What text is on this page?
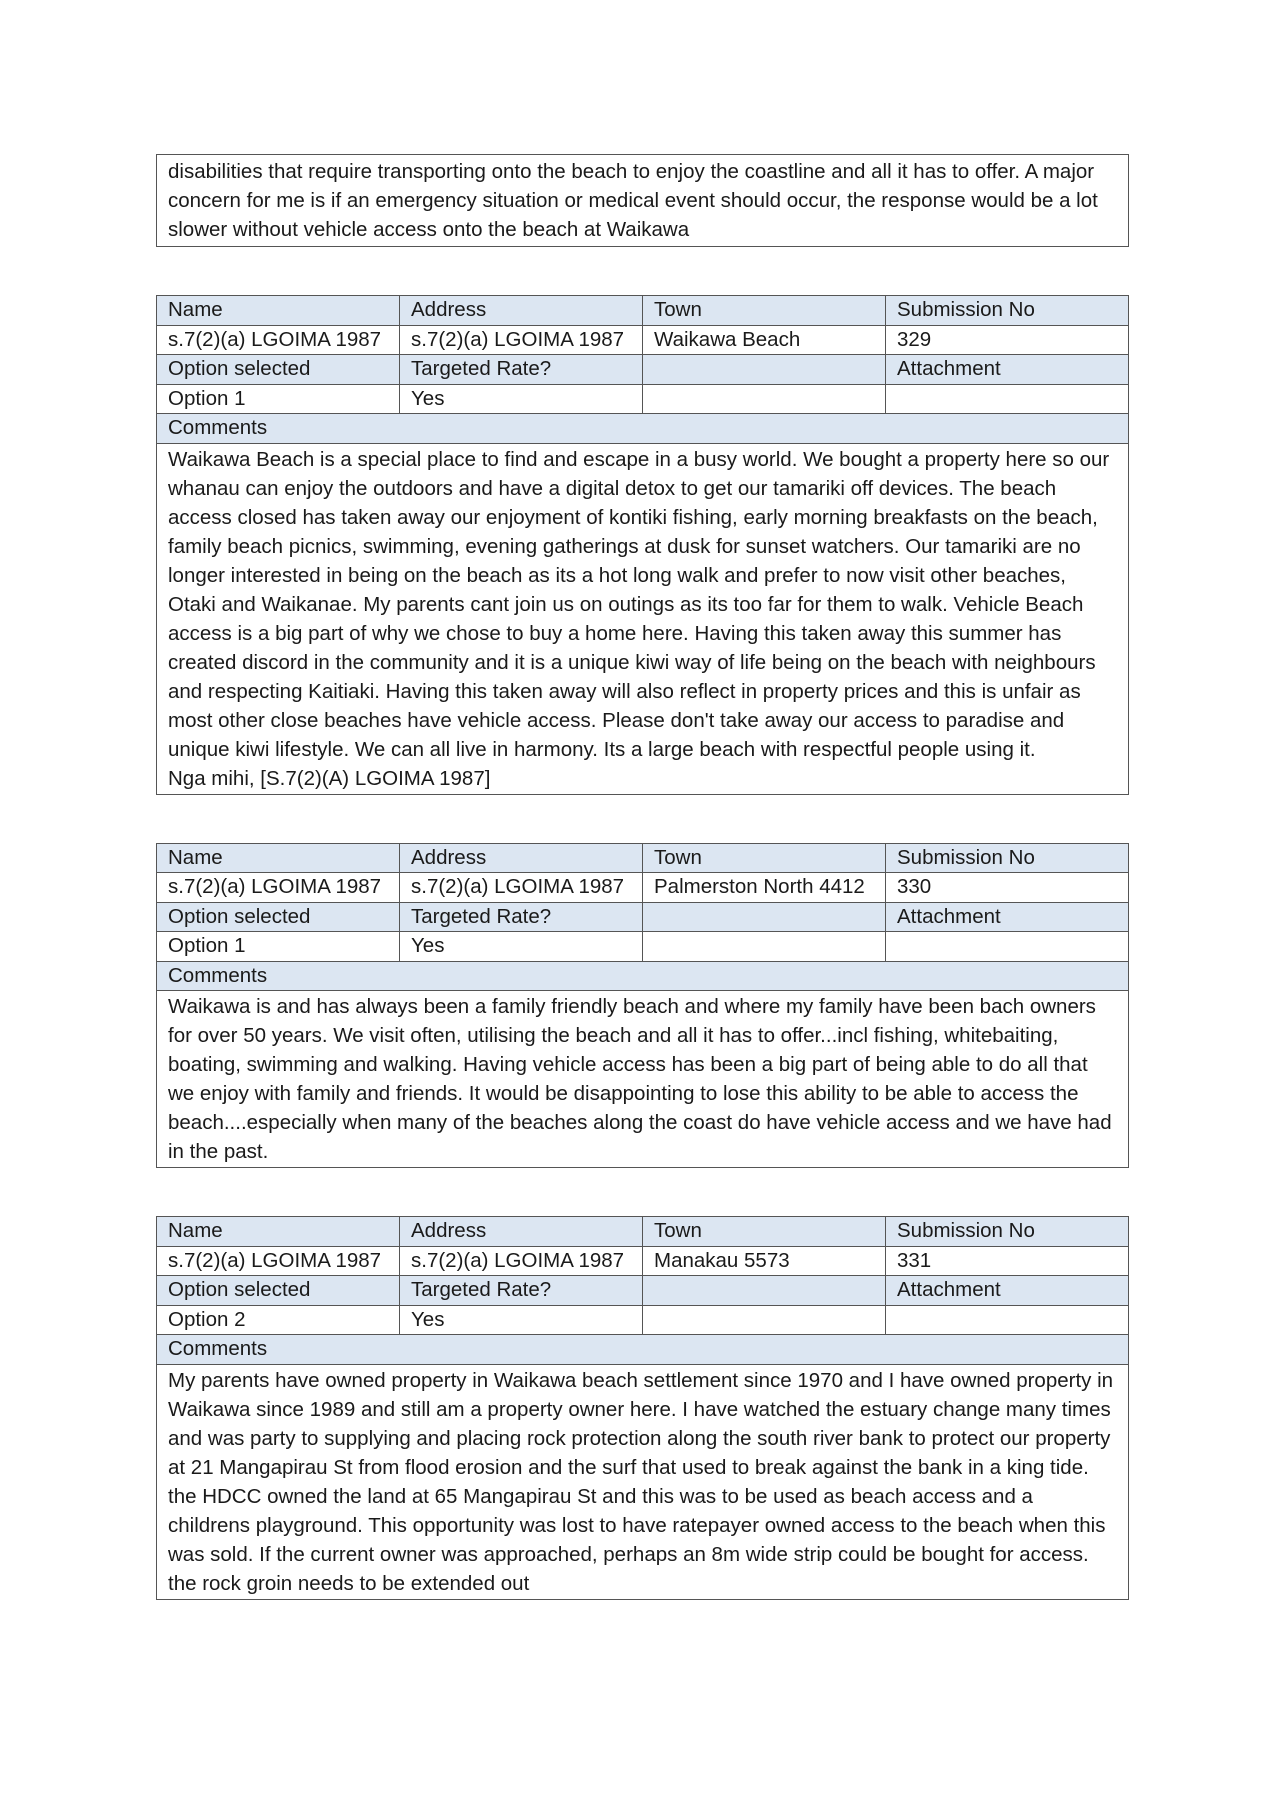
disabilities that require transporting onto the beach to enjoy the coastline and all it has to offer. A major concern for me is if an emergency situation or medical event should occur, the response would be a lot slower without vehicle access onto the beach at Waikawa
Name	Address	Town	Submission No
s.7(2)(a) LGOIMA 1987	s.7(2)(a) LGOIMA 1987	Waikawa Beach	329
Option selected	Targeted Rate?		Attachment
Option 1	Yes		
Comments			
Waikawa Beach is a special place to find and escape in a busy world. We bought a property here so our whanau can enjoy the outdoors and have a digital detox to get our tamariki off devices. The beach access closed has taken away our enjoyment of kontiki fishing, early morning breakfasts on the beach, family beach picnics, swimming, evening gatherings at dusk for sunset watchers. Our tamariki are no longer interested in being on the beach as its a hot long walk and prefer to now visit other beaches, Otaki and Waikanae. My parents cant join us on outings as its too far for them to walk. Vehicle Beach access is a big part of why we chose to buy a home here. Having this taken away this summer has created discord in the community and it is a unique kiwi way of life being on the beach with neighbours and respecting Kaitiaki. Having this taken away will also reflect in property prices and this is unfair as most other close beaches have vehicle access. Please don't take away our access to paradise and unique kiwi lifestyle. We can all live in harmony. Its a large beach with respectful people using it.
Nga mihi, [S.7(2)(A) LGOIMA 1987]			
Name	Address	Town	Submission No
s.7(2)(a) LGOIMA 1987	s.7(2)(a) LGOIMA 1987	Palmerston North 4412	330
Option selected	Targeted Rate?		Attachment
Option 1	Yes		
Comments			
Waikawa is and has always been a family friendly beach and where my family have been bach owners for over 50 years. We visit often, utilising the beach and all it has to offer...incl fishing, whitebaiting, boating, swimming and walking. Having vehicle access has been a big part of being able to do all that we enjoy with family and friends. It would be disappointing to lose this ability to be able to access the beach....especially when many of the beaches along the coast do have vehicle access and we have had in the past.			
Name	Address	Town	Submission No
s.7(2)(a) LGOIMA 1987	s.7(2)(a) LGOIMA 1987	Manakau 5573	331
Option selected	Targeted Rate?		Attachment
Option 2	Yes		
Comments			
My parents have owned property in Waikawa beach settlement since 1970 and I have owned property in Waikawa since 1989 and still am a property owner here. I have watched the estuary change many times and was party to supplying and placing rock protection along the south river bank to protect our property at 21 Mangapirau St from flood erosion and the surf that used to break against the bank in a king tide. the HDCC owned the land at 65 Mangapirau St and this was to be used as beach access and a childrens playground. This opportunity was lost to have ratepayer owned access to the beach when this was sold. If the current owner was approached, perhaps an 8m wide strip could be bought for access. the rock groin needs to be extended out			
